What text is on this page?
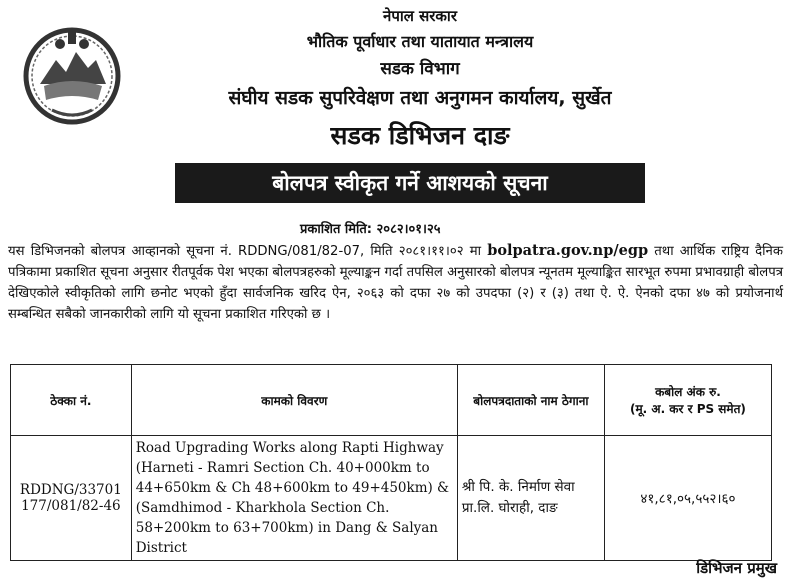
नेपाल सरकार
भौतिक पूर्वाधार तथा यातायात मन्त्रालय
सडक विभाग
संघीय सडक सुपरिवेक्षण तथा अनुगमन कार्यालय, सुर्खेत
सडक डिभिजन दाङ
बोलपत्र स्वीकृत गर्ने आशयको सूचना
प्रकाशित मिति: २०८२।०१।२५
यस डिभिजनको बोलपत्र आव्हानको सूचना नं. RDDNG/081/82-07, मिति २०८१।११।०२ मा bolpatra.gov.np/egp तथा आर्थिक राष्ट्रिय दैनिक पत्रिकामा प्रकाशित सूचना अनुसार रीतपूर्वक पेश भएका बोलपत्रहरुको मूल्याङ्कन गर्दा तपसिल अनुसारको बोलपत्र न्यूनतम मूल्याङ्कित सारभूत रुपमा प्रभावग्राही बोलपत्र देखिएकोले स्वीकृतिको लागि छनोट भएको हुँदा सार्वजनिक खरिद ऐन, २०६३ को दफा २७ को उपदफा (२) र (३) तथा ऐ. ऐ. ऐनको दफा ४७ को प्रयोजनार्थ सम्बन्धित सबैको जानकारीको लागि यो सूचना प्रकाशित गरिएको छ ।
ठेक्का नं.	कामको विवरण	बोलपत्रदाताको नाम ठेगाना	कबोल अंक रु.
(मू. अ. कर र PS समेत)

RDDNG/33701
177/081/82-46	Road Upgrading Works along Rapti Highway (Harneti - Ramri Section Ch. 40+000km to 44+650km & Ch 48+600km to 49+450km) & (Samdhimod - Kharkhola Section Ch. 58+200km to 63+700km) in Dang & Salyan District	श्री पि. के. निर्माण सेवा प्रा.लि. घोराही, दाङ	४१,८१,०५,५५२।६०
डिभिजन प्रमुख
